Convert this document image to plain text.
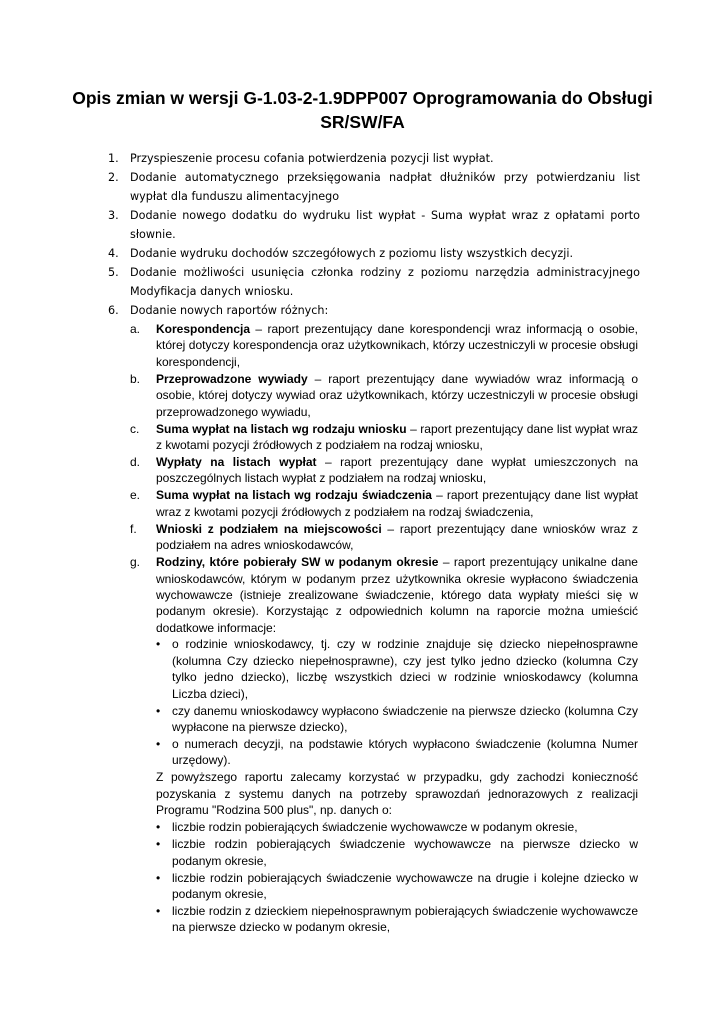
Opis zmian w wersji G-1.03-2-1.9DPP007 Oprogramowania do Obsługi SR/SW/FA
1. Przyspieszenie procesu cofania potwierdzenia pozycji list wypłat.
2. Dodanie automatycznego przeksięgowania nadpłat dłużników przy potwierdzaniu list wypłat dla funduszu alimentacyjnego
3. Dodanie nowego dodatku do wydruku list wypłat - Suma wypłat wraz z opłatami porto słownie.
4. Dodanie wydruku dochodów szczegółowych z poziomu listy wszystkich decyzji.
5. Dodanie możliwości usunięcia członka rodziny z poziomu narzędzia administracyjnego Modyfikacja danych wniosku.
6. Dodanie nowych raportów różnych:
a. Korespondencja – raport prezentujący dane korespondencji wraz informacją o osobie, której dotyczy korespondencja oraz użytkownikach, którzy uczestniczyli w procesie obsługi korespondencji,
b. Przeprowadzone wywiady – raport prezentujący dane wywiadów wraz informacją o osobie, której dotyczy wywiad oraz użytkownikach, którzy uczestniczyli w procesie obsługi przeprowadzonego wywiadu,
c. Suma wypłat na listach wg rodzaju wniosku – raport prezentujący dane list wypłat wraz z kwotami pozycji źródłowych z podziałem na rodzaj wniosku,
d. Wypłaty na listach wypłat – raport prezentujący dane wypłat umieszczonych na poszczególnych listach wypłat z podziałem na rodzaj wniosku,
e. Suma wypłat na listach wg rodzaju świadczenia – raport prezentujący dane list wypłat wraz z kwotami pozycji źródłowych z podziałem na rodzaj świadczenia,
f. Wnioski z podziałem na miejscowości – raport prezentujący dane wniosków wraz z podziałem na adres wnioskodawców,
g. Rodziny, które pobierały SW w podanym okresie – raport prezentujący unikalne dane wnioskodawców, którym w podanym przez użytkownika okresie wypłacono świadczenia wychowawcze (istnieje zrealizowane świadczenie, którego data wypłaty mieści się w podanym okresie). Korzystając z odpowiednich kolumn na raporcie można umieścić dodatkowe informacje:
• o rodzinie wnioskodawcy, tj. czy w rodzinie znajduje się dziecko niepełnosprawne (kolumna Czy dziecko niepełnosprawne), czy jest tylko jedno dziecko (kolumna Czy tylko jedno dziecko), liczbę wszystkich dzieci w rodzinie wnioskodawcy (kolumna Liczba dzieci),
• czy danemu wnioskodawcy wypłacono świadczenie na pierwsze dziecko (kolumna Czy wypłacone na pierwsze dziecko),
• o numerach decyzji, na podstawie których wypłacono świadczenie (kolumna Numer urzędowy).
Z powyższego raportu zalecamy korzystać w przypadku, gdy zachodzi konieczność pozyskania z systemu danych na potrzeby sprawozdań jednorazowych z realizacji Programu "Rodzina 500 plus", np. danych o:
• liczbie rodzin pobierających świadczenie wychowawcze w podanym okresie,
• liczbie rodzin pobierających świadczenie wychowawcze na pierwsze dziecko w podanym okresie,
• liczbie rodzin pobierających świadczenie wychowawcze na drugie i kolejne dziecko w podanym okresie,
• liczbie rodzin z dzieckiem niepełnosprawnym pobierających świadczenie wychowawcze na pierwsze dziecko w podanym okresie,
